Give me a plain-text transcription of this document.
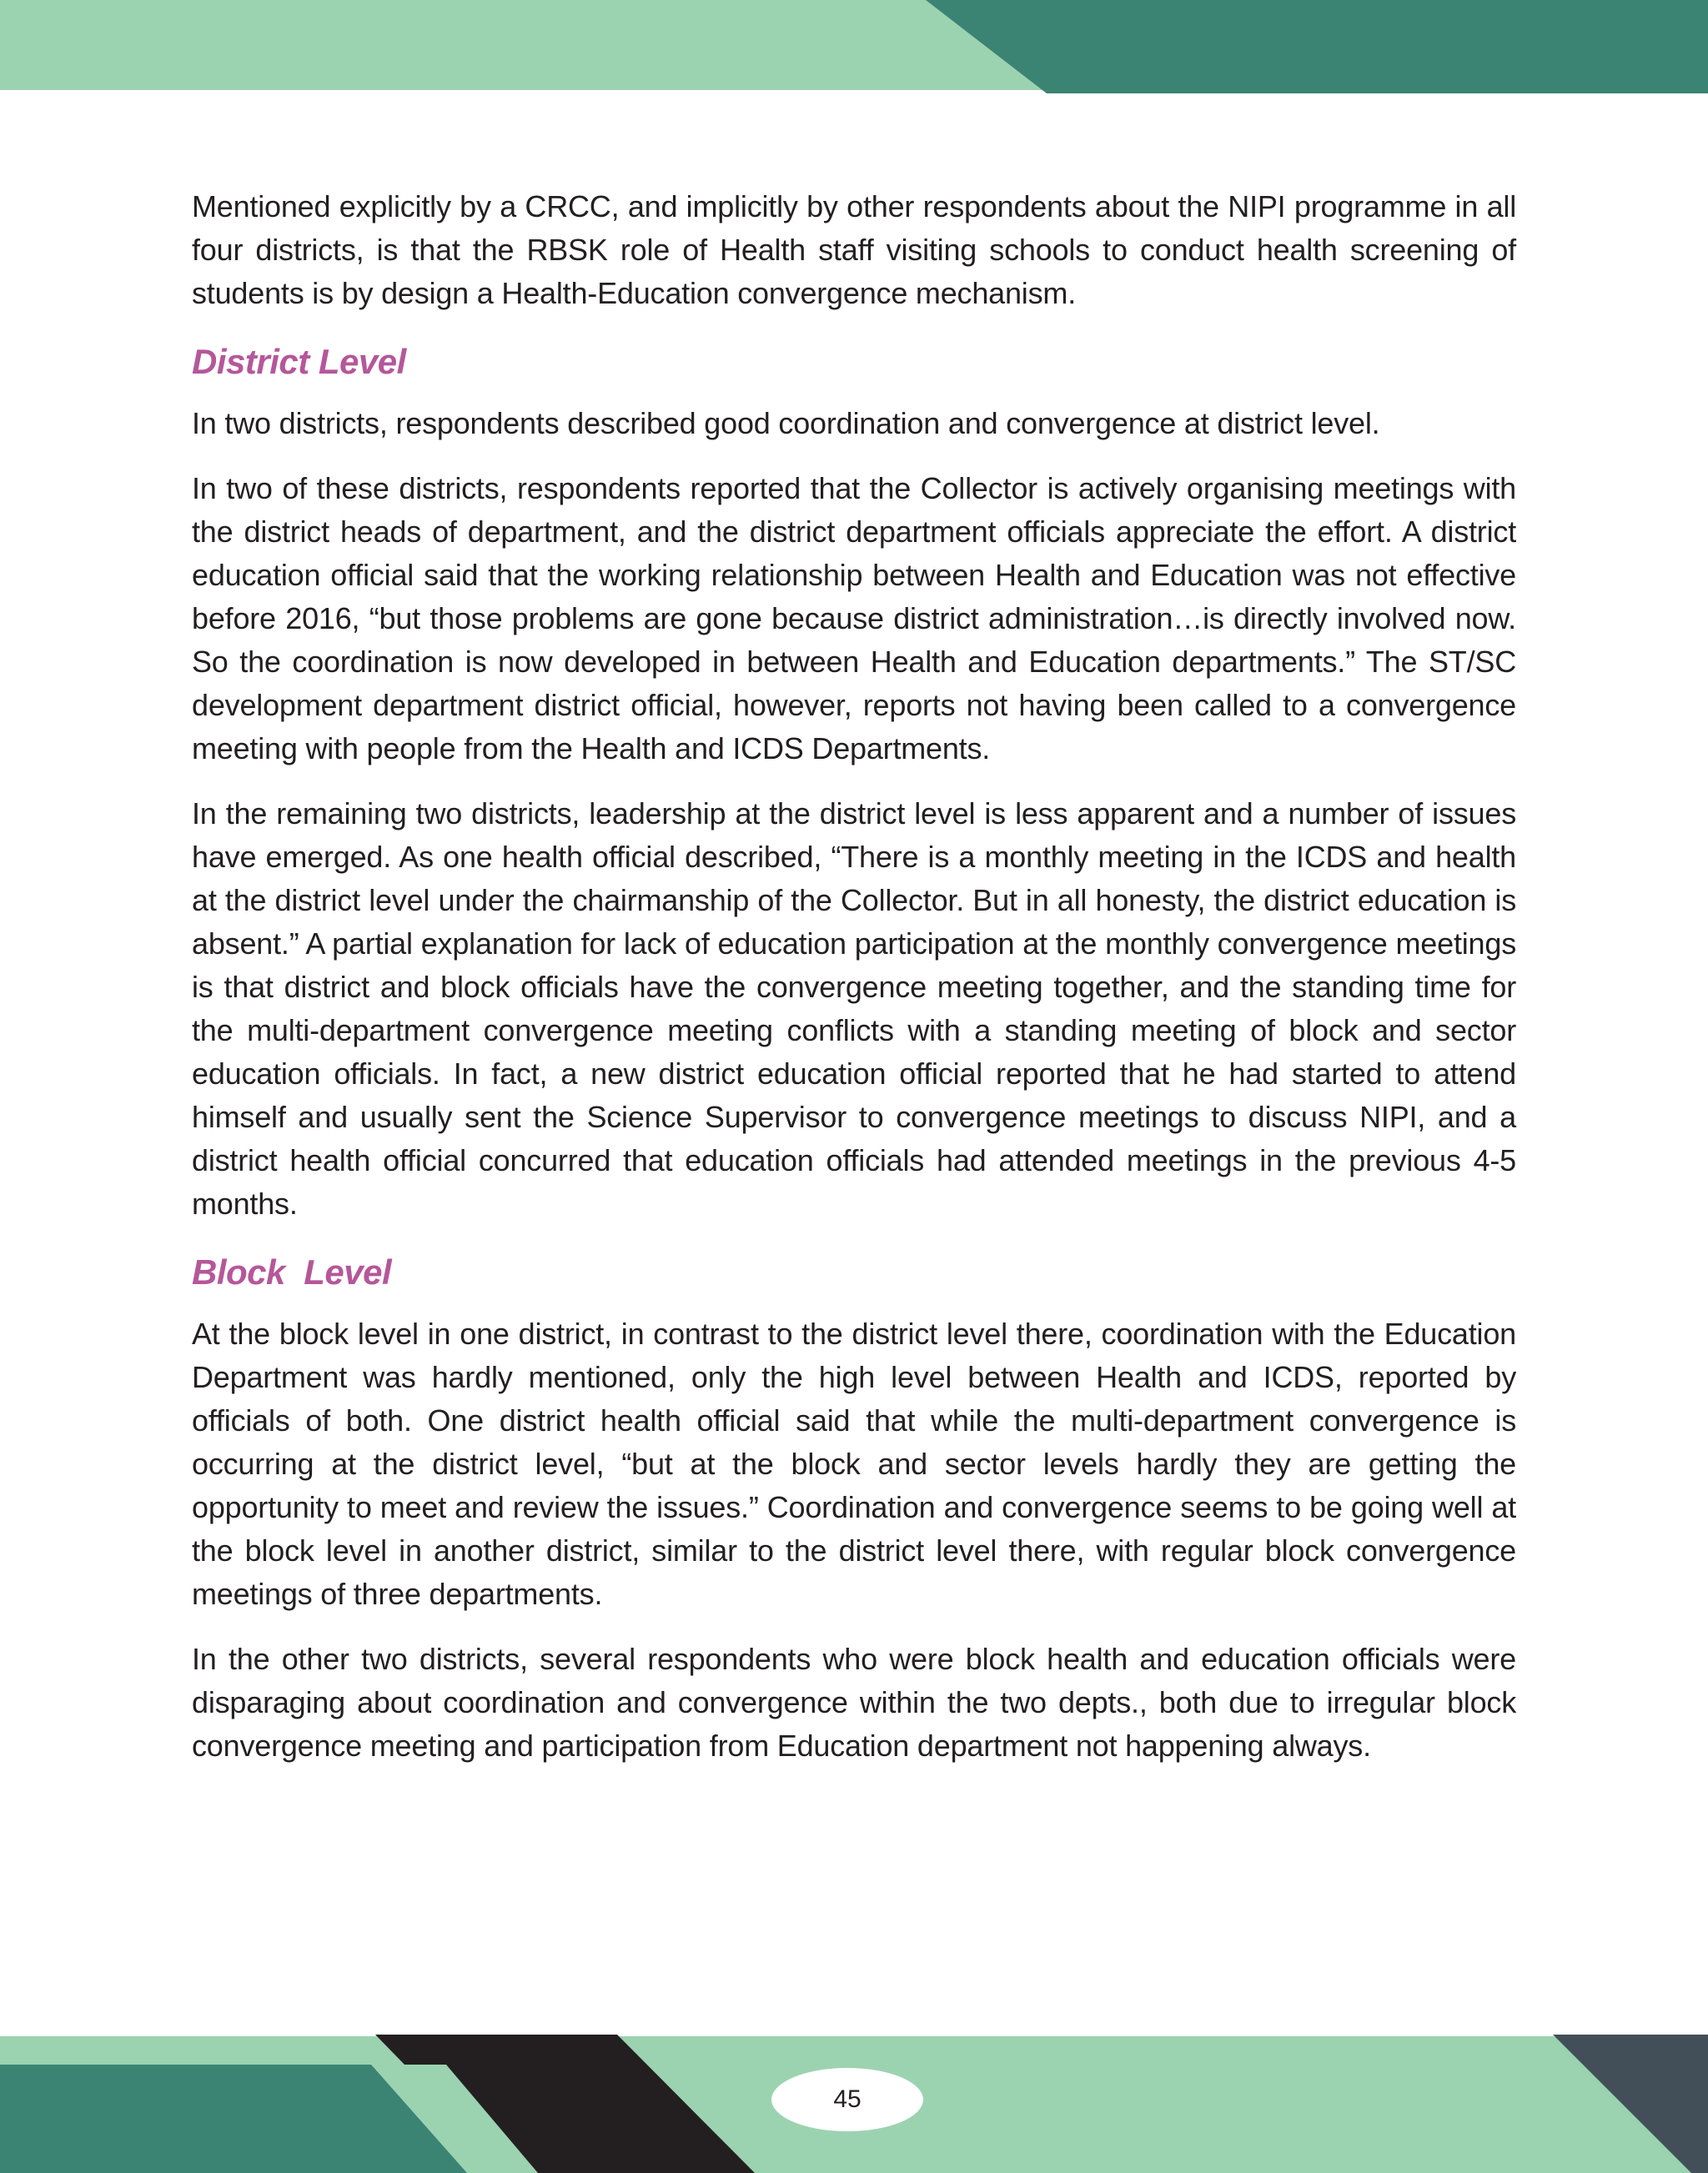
Mentioned explicitly by a CRCC, and implicitly by other respondents about the NIPI programme in all four districts, is that the RBSK role of Health staff visiting schools to conduct health screening of students is by design a Health-Education convergence mechanism.

District Level

In two districts, respondents described good coordination and convergence at district level.

In two of these districts, respondents reported that the Collector is actively organising meetings with the district heads of department, and the district department officials appreciate the effort. A district education official said that the working relationship between Health and Education was not effective before 2016, “but those problems are gone because district administration…is directly involved now. So the coordination is now developed in between Health and Education departments.” The ST/SC development department district official, however, reports not having been called to a convergence meeting with people from the Health and ICDS Departments.

In the remaining two districts, leadership at the district level is less apparent and a number of issues have emerged. As one health official described, “There is a monthly meeting in the ICDS and health at the district level under the chairmanship of the Collector. But in all honesty, the district education is absent.” A partial explanation for lack of education participation at the monthly convergence meetings is that district and block officials have the convergence meeting together, and the standing time for the multi-department convergence meeting conflicts with a standing meeting of block and sector education officials. In fact, a new district education official reported that he had started to attend himself and usually sent the Science Supervisor to convergence meetings to discuss NIPI, and a district health official concurred that education officials had attended meetings in the previous 4-5 months.

Block  Level

At the block level in one district, in contrast to the district level there, coordination with the Education Department was hardly mentioned, only the high level between Health and ICDS, reported by officials of both. One district health official said that while the multi-department convergence is occurring at the district level, “but at the block and sector levels hardly they are getting the opportunity to meet and review the issues.” Coordination and convergence seems to be going well at the block level in another district, similar to the district level there, with regular block convergence meetings of three departments.

In the other two districts, several respondents who were block health and education officials were disparaging about coordination and convergence within the two depts., both due to irregular block convergence meeting and participation from Education department not happening always.

45
